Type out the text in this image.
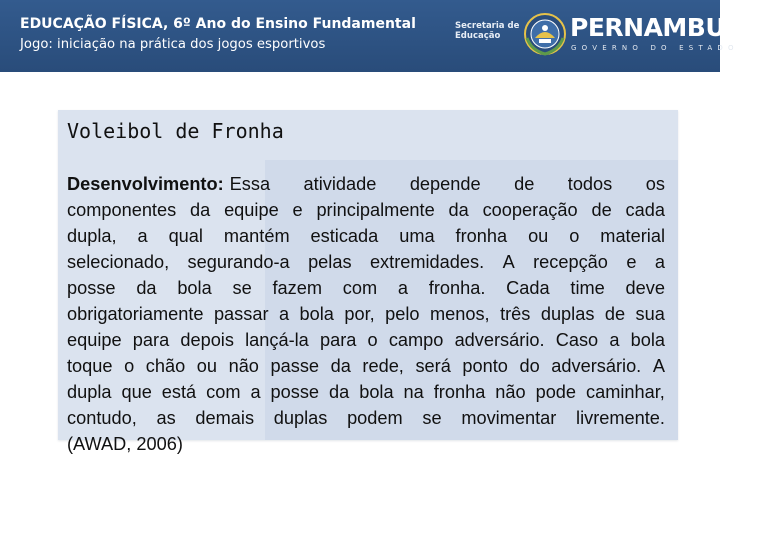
EDUCAÇÃO FÍSICA, 6º Ano do Ensino Fundamental
Jogo: iniciação na prática dos jogos esportivos
Secretaria de
Educação	PERNAMBUCO
GOVERNO DO ESTADO
Voleibol de Fronha
Desenvolvimento: Essa atividade depende de todos os
componentes da equipe e principalmente da cooperação de cada
dupla, a qual mantém esticada uma fronha ou o material
selecionado, segurando-a pelas extremidades. A recepção e a
posse da bola se fazem com a fronha. Cada time deve
obrigatoriamente passar a bola por, pelo menos, três duplas de sua
equipe para depois lançá-la para o campo adversário. Caso a bola
toque o chão ou não passe da rede, será ponto do adversário. A
dupla que está com a posse da bola na fronha não pode caminhar,
contudo, as demais duplas podem se movimentar livremente.
(AWAD, 2006)
